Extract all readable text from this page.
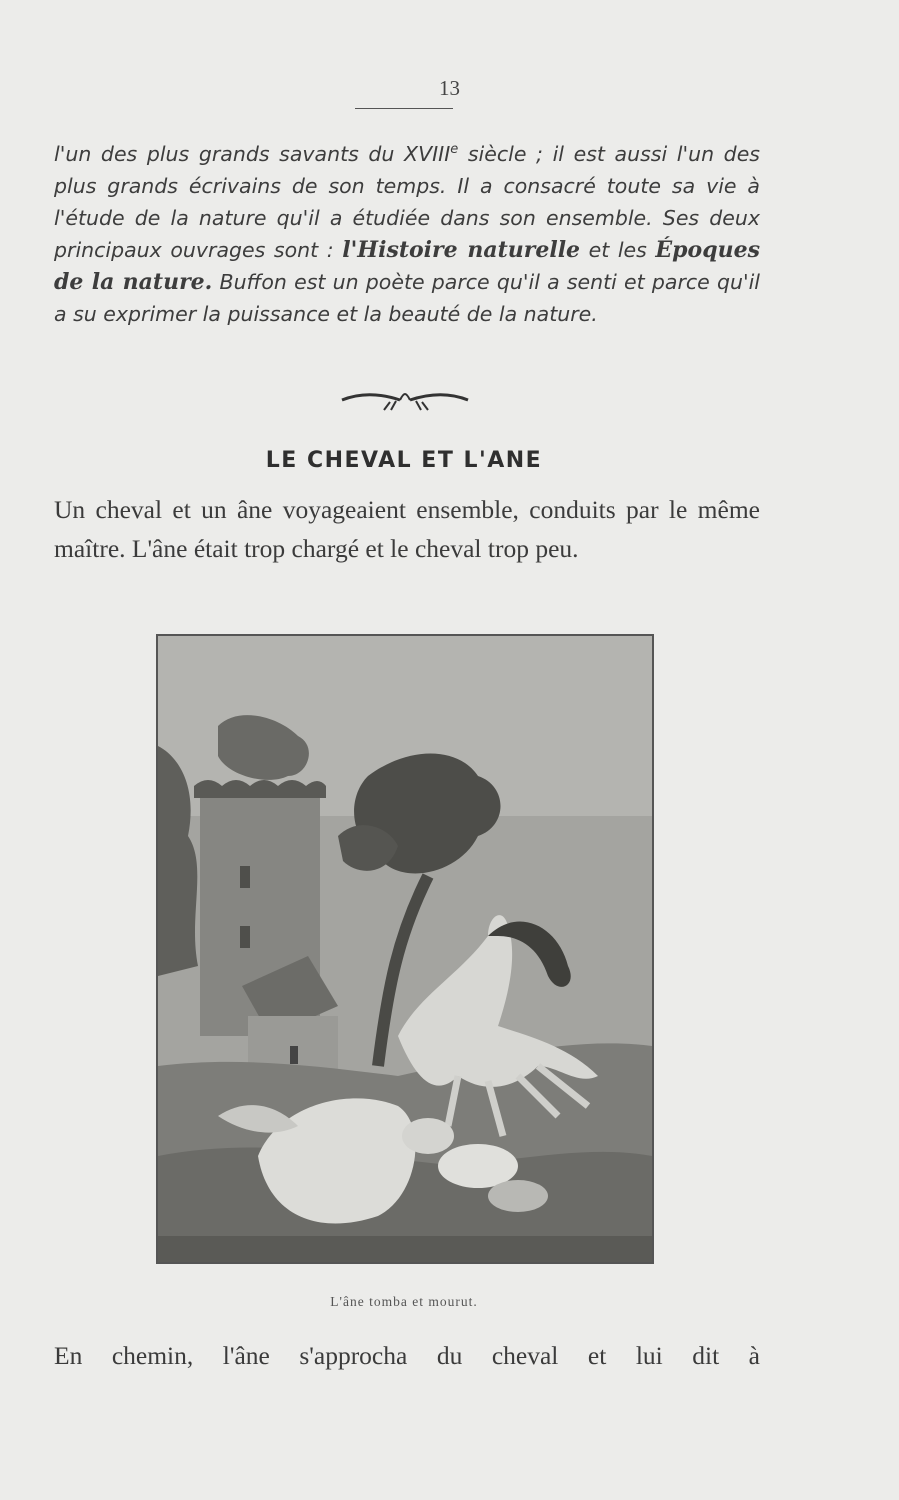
13

l'un des plus grands savants du XVIIIe siècle ; il est aussi l'un des plus grands écrivains de son temps. Il a consacré toute sa vie à l'étude de la nature qu'il a étudiée dans son ensemble. Ses deux principaux ouvrages sont : l'Histoire naturelle et les Époques de la nature. Buffon est un poète parce qu'il a senti et parce qu'il a su exprimer la puissance et la beauté de la nature.

LE CHEVAL ET L'ANE

Un cheval et un âne voyageaient ensemble, conduits par le même maître. L'âne était trop chargé et le cheval trop peu.

L'âne tomba et mourut.

En chemin, l'âne s'approcha du cheval et lui dit à
